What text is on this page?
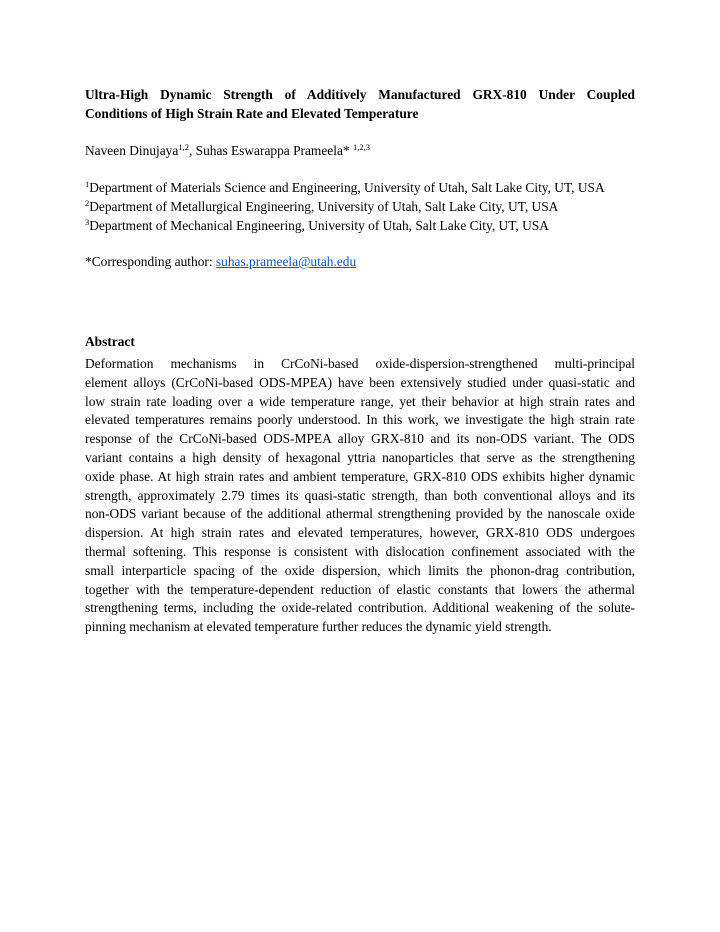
Ultra-High Dynamic Strength of Additively Manufactured GRX-810 Under Coupled
Conditions of High Strain Rate and Elevated Temperature
Naveen Dinujaya$^{1,2}$, Suhas Eswarappa Prameela* $^{1,2,3}$
$^1$Department of Materials Science and Engineering, University of Utah, Salt Lake City, UT, USA
$^2$Department of Metallurgical Engineering, University of Utah, Salt Lake City, UT, USA
$^3$Department of Mechanical Engineering, University of Utah, Salt Lake City, UT, USA
*Corresponding author: suhas.prameela@utah.edu
Abstract
Deformation mechanisms in CrCoNi-based oxide-dispersion-strengthened multi-principal
element alloys (CrCoNi-based ODS-MPEA) have been extensively studied under quasi-static and
low strain rate loading over a wide temperature range, yet their behavior at high strain rates and
elevated temperatures remains poorly understood. In this work, we investigate the high strain rate
response of the CrCoNi-based ODS-MPEA alloy GRX-810 and its non-ODS variant. The ODS
variant contains a high density of hexagonal yttria nanoparticles that serve as the strengthening
oxide phase. At high strain rates and ambient temperature, GRX-810 ODS exhibits higher dynamic
strength, approximately 2.79 times its quasi-static strength, than both conventional alloys and its
non-ODS variant because of the additional athermal strengthening provided by the nanoscale oxide
dispersion. At high strain rates and elevated temperatures, however, GRX-810 ODS undergoes
thermal softening. This response is consistent with dislocation confinement associated with the
small interparticle spacing of the oxide dispersion, which limits the phonon-drag contribution,
together with the temperature-dependent reduction of elastic constants that lowers the athermal
strengthening terms, including the oxide-related contribution. Additional weakening of the solute-
pinning mechanism at elevated temperature further reduces the dynamic yield strength.
